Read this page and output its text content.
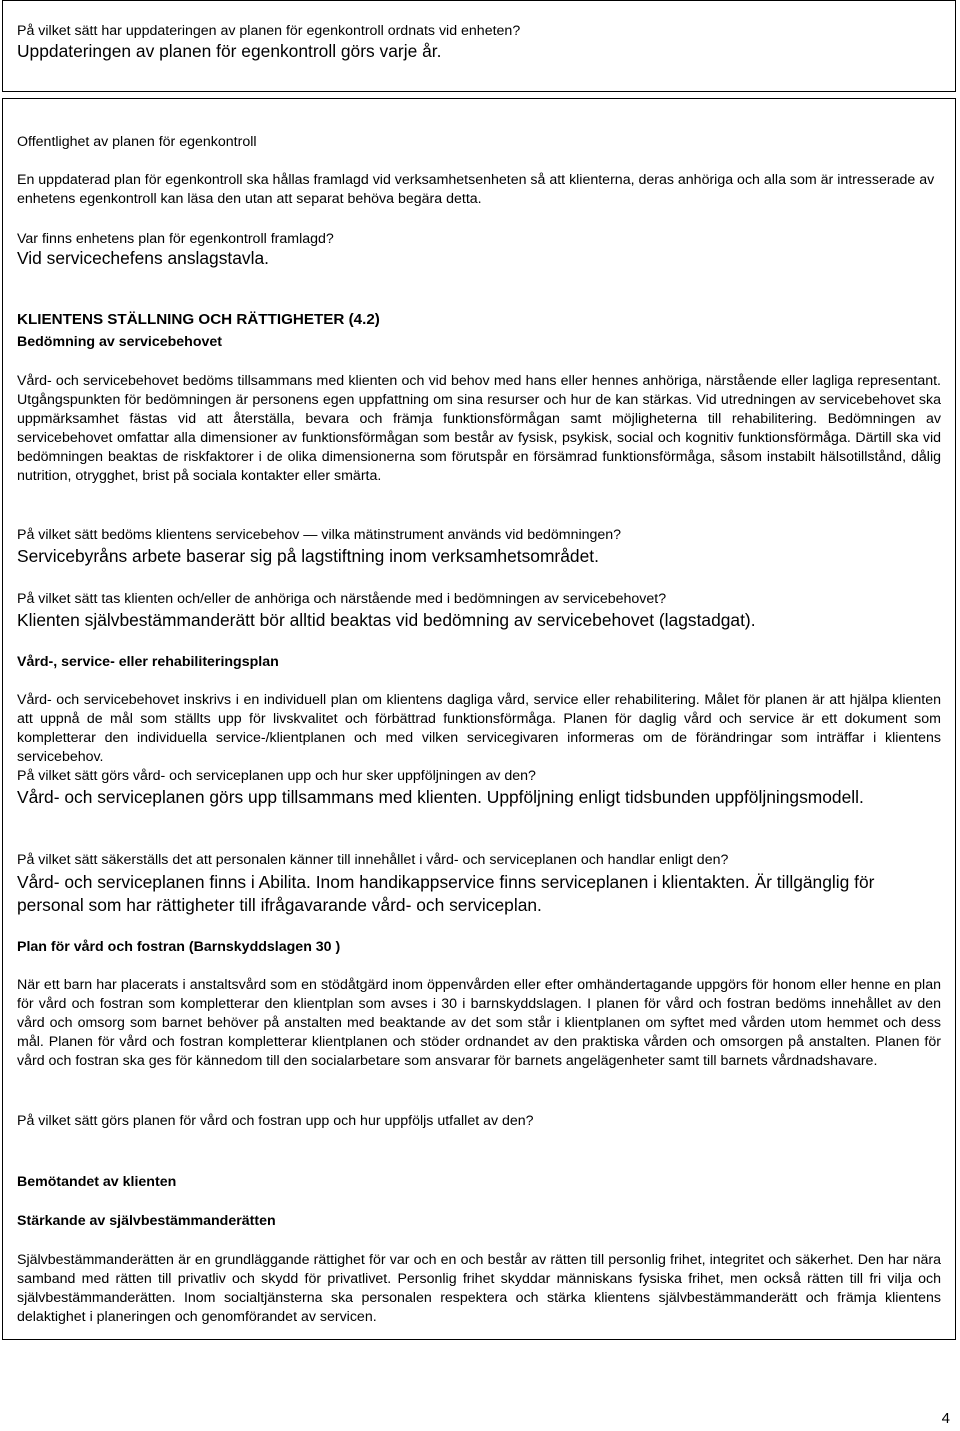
På vilket sätt har uppdateringen av planen för egenkontroll ordnats vid enheten?

Uppdateringen av planen för egenkontroll görs varje år.

Offentlighet av planen för egenkontroll

En uppdaterad plan för egenkontroll ska hållas framlagd vid verksamhetsenheten så att klienterna, deras anhöriga och alla som är intresserade av enhetens egenkontroll kan läsa den utan att separat behöva begära detta.

Var finns enhetens plan för egenkontroll framlagd?

Vid servicechefens anslagstavla.

KLIENTENS STÄLLNING OCH RÄTTIGHETER (4.2)

Bedömning av servicebehovet

Vård- och servicebehovet bedöms tillsammans med klienten och vid behov med hans eller hennes anhöriga, närstående eller lagliga representant. Utgångspunkten för bedömningen är personens egen uppfattning om sina resurser och hur de kan stärkas. Vid utredningen av servicebehovet ska uppmärksamhet fästas vid att återställa, bevara och främja funktionsförmågan samt möjligheterna till rehabilitering. Bedömningen av servicebehovet omfattar alla dimensioner av funktionsförmågan som består av fysisk, psykisk, social och kognitiv funktionsförmåga. Därtill ska vid bedömningen beaktas de riskfaktorer i de olika dimensionerna som förutspår en försämrad funktionsförmåga, såsom instabilt hälsotillstånd, dålig nutrition, otrygghet, brist på sociala kontakter eller smärta.

På vilket sätt bedöms klientens servicebehov — vilka mätinstrument används vid bedömningen?

Servicebyråns arbete baserar sig på lagstiftning inom verksamhetsområdet.

På vilket sätt tas klienten och/eller de anhöriga och närstående med i bedömningen av servicebehovet?

Klienten självbestämmanderätt bör alltid beaktas vid bedömning av servicebehovet (lagstadgat).

Vård-, service- eller rehabiliteringsplan

Vård- och servicebehovet inskrivs i en individuell plan om klientens dagliga vård, service eller rehabilitering. Målet för planen är att hjälpa klienten att uppnå de mål som ställts upp för livskvalitet och förbättrad funktionsförmåga. Planen för daglig vård och service är ett dokument som kompletterar den individuella service-/klientplanen och med vilken servicegivaren informeras om de förändringar som inträffar i klientens servicebehov.

På vilket sätt görs vård- och serviceplanen upp och hur sker uppföljningen av den?

Vård- och serviceplanen görs upp tillsammans med klienten. Uppföljning enligt tidsbunden uppföljningsmodell.

På vilket sätt säkerställs det att personalen känner till innehållet i vård- och serviceplanen och handlar enligt den?

Vård- och serviceplanen finns i Abilita. Inom handikappservice finns serviceplanen i klientakten. Är tillgänglig för personal som har rättigheter till ifrågavarande vård- och serviceplan.

Plan för vård och fostran (Barnskyddslagen 30 )

När ett barn har placerats i anstaltsvård som en stödåtgärd inom öppenvården eller efter omhändertagande uppgörs för honom eller henne en plan för vård och fostran som kompletterar den klientplan som avses i 30 i barnskyddslagen. I planen för vård och fostran bedöms innehållet av den vård och omsorg som barnet behöver på anstalten med beaktande av det som står i klientplanen om syftet med vården utom hemmet och dess mål. Planen för vård och fostran kompletterar klientplanen och stöder ordnandet av den praktiska vården och omsorgen på anstalten. Planen för vård och fostran ska ges för kännedom till den socialarbetare som ansvarar för barnets angelägenheter samt till barnets vårdnadshavare.

På vilket sätt görs planen för vård och fostran upp och hur uppföljs utfallet av den?

Bemötandet av klienten

Stärkande av självbestämmanderätten

Självbestämmanderätten är en grundläggande rättighet för var och en och består av rätten till personlig frihet, integritet och säkerhet. Den har nära samband med rätten till privatliv och skydd för privatlivet. Personlig frihet skyddar människans fysiska frihet, men också rätten till fri vilja och självbestämmanderätten. Inom socialtjänsterna ska personalen respektera och stärka klientens självbestämmanderätt och främja klientens delaktighet i planeringen och genomförandet av servicen.

4
